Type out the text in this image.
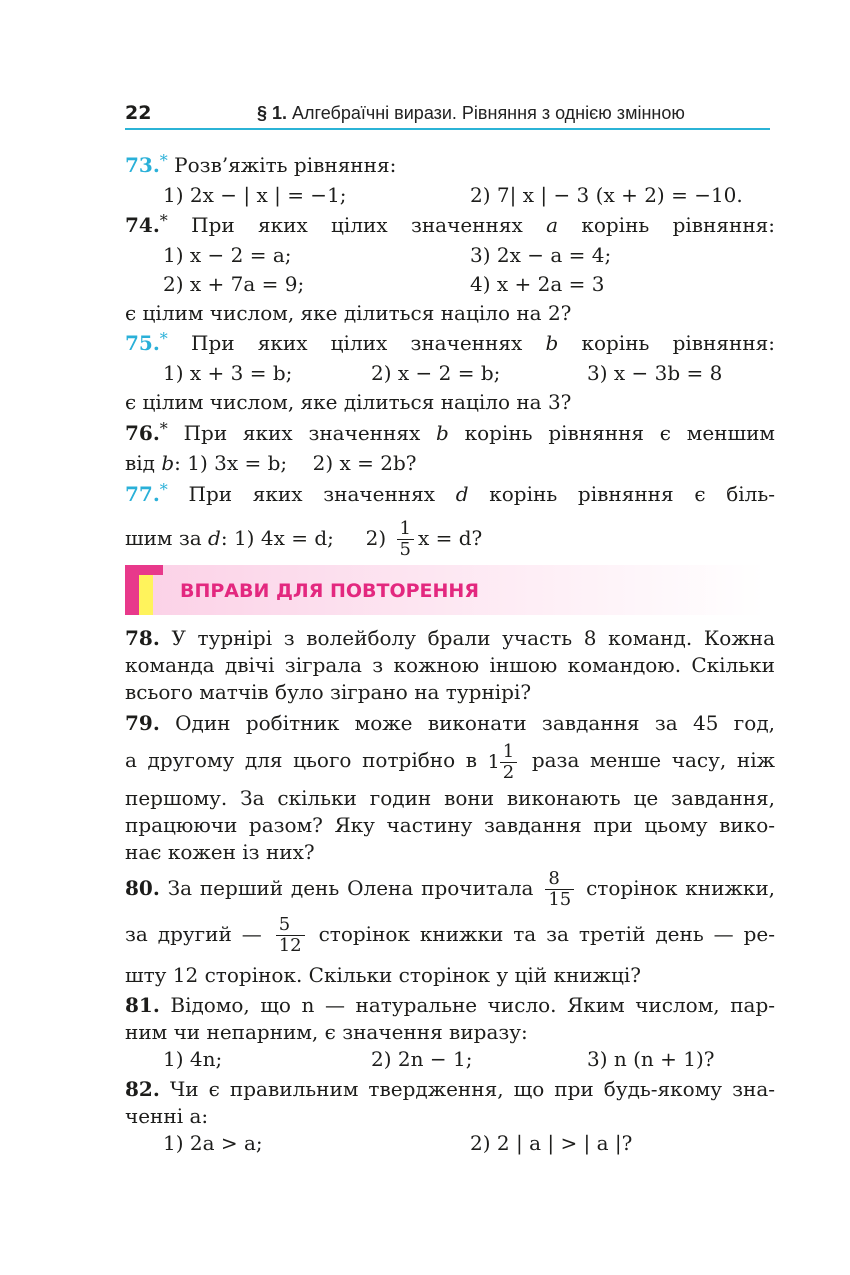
22	§ 1. Алгебраїчні вирази. Рівняння з однією змінною
73.* Розв’яжіть рівняння:
1) 2x − | x | = −1;	2) 7| x | − 3 (x + 2) = −10.
74.* При яких цілих значеннях a корінь рівняння:
1) x − 2 = a;	3) 2x − a = 4;
2) x + 7a = 9;	4) x + 2a = 3
є цілим числом, яке ділиться націло на 2?
75.* При яких цілих значеннях b корінь рівняння:
1) x + 3 = b;	2) x − 2 = b;	3) x − 3b = 8
є цілим числом, яке ділиться націло на 3?
76.* При яких значеннях b корінь рівняння є меншим
від b: 1) 3x = b; 2) x = 2b?
77.* При яких значеннях d корінь рівняння є біль-
шим за d: 1) 4x = d; $2) \frac{1}{5}$ x = d?
ВПРАВИ ДЛЯ ПОВТОРЕННЯ
78. У турнірі з волейболу брали участь 8 команд. Кожна
команда двічі зіграла з кожною іншою командою. Скільки
всього матчів було зіграно на турнірі?
79. Один робітник може виконати завдання за 45 год,
а другому для цього потрібно в $1 \frac{1}{2}$ раза менше часу, ніж
першому. За скільки годин вони виконають це завдання,
працюючи разом? Яку частину завдання при цьому вико-
нає кожен із них?
80. За перший день Олена прочитала $\frac{8}{15}$ сторінок книжки,
за другий — $\frac{5}{12}$ сторінок книжки та за третій день — ре-
шту 12 сторінок. Скільки сторінок у цій книжці?
81. Відомо, що n — натуральне число. Яким числом, пар-
ним чи непарним, є значення виразу:
1) 4n;	2) 2n − 1;	3) n (n + 1)?
82. Чи є правильним твердження, що при будь-якому зна-
ченні a:
1) 2a > a;	2) 2 | a | > | a |?
